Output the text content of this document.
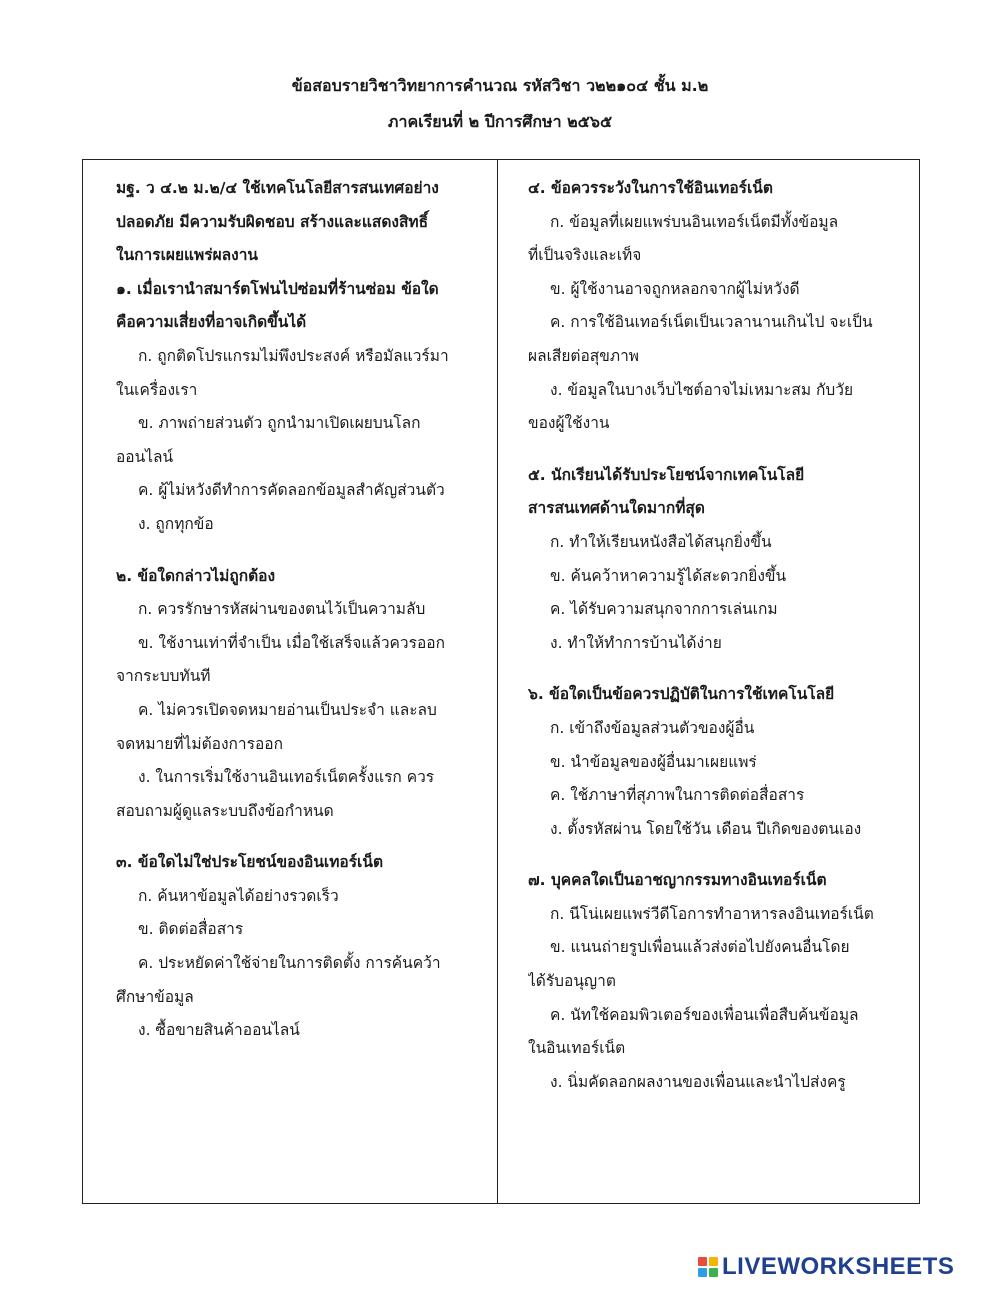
ข้อสอบรายวิชาวิทยาการคำนวณ รหัสวิชา ว๒๒๑๐๔ ชั้น ม.๒
ภาคเรียนที่ ๒ ปีการศึกษา ๒๕๖๕
มฐ. ว ๔.๒ ม.๒/๔ ใช้เทคโนโลยีสารสนเทศอย่าง
ปลอดภัย มีความรับผิดชอบ สร้างและแสดงสิทธิ์
ในการเผยแพร่ผลงาน
๑. เมื่อเรานำสมาร์ตโฟนไปซ่อมที่ร้านซ่อม ข้อใด
คือความเสี่ยงที่อาจเกิดขึ้นได้
ก. ถูกติดโปรแกรมไม่พึงประสงค์ หรือมัลแวร์มา
ในเครื่องเรา
ข. ภาพถ่ายส่วนตัว ถูกนำมาเปิดเผยบนโลก
ออนไลน์
ค. ผู้ไม่หวังดีทำการคัดลอกข้อมูลสำคัญส่วนตัว
ง. ถูกทุกข้อ
๒. ข้อใดกล่าวไม่ถูกต้อง
ก. ควรรักษารหัสผ่านของตนไว้เป็นความลับ
ข. ใช้งานเท่าที่จำเป็น เมื่อใช้เสร็จแล้วควรออก
จากระบบทันที
ค. ไม่ควรเปิดจดหมายอ่านเป็นประจำ และลบ
จดหมายที่ไม่ต้องการออก
ง. ในการเริ่มใช้งานอินเทอร์เน็ตครั้งแรก ควร
สอบถามผู้ดูแลระบบถึงข้อกำหนด
๓. ข้อใดไม่ใช่ประโยชน์ของอินเทอร์เน็ต
ก. ค้นหาข้อมูลได้อย่างรวดเร็ว
ข. ติดต่อสื่อสาร
ค. ประหยัดค่าใช้จ่ายในการติดตั้ง การค้นคว้า
ศึกษาข้อมูล
ง. ซื้อขายสินค้าออนไลน์
๔. ข้อควรระวังในการใช้อินเทอร์เน็ต
ก. ข้อมูลที่เผยแพร่บนอินเทอร์เน็ตมีทั้งข้อมูล
ที่เป็นจริงและเท็จ
ข. ผู้ใช้งานอาจถูกหลอกจากผู้ไม่หวังดี
ค. การใช้อินเทอร์เน็ตเป็นเวลานานเกินไป จะเป็น
ผลเสียต่อสุขภาพ
ง. ข้อมูลในบางเว็บไซต์อาจไม่เหมาะสม กับวัย
ของผู้ใช้งาน
๕. นักเรียนได้รับประโยชน์จากเทคโนโลยี
สารสนเทศด้านใดมากที่สุด
ก. ทำให้เรียนหนังสือได้สนุกยิ่งขึ้น
ข. ค้นคว้าหาความรู้ได้สะดวกยิ่งขึ้น
ค. ได้รับความสนุกจากการเล่นเกม
ง. ทำให้ทำการบ้านได้ง่าย
๖. ข้อใดเป็นข้อควรปฏิบัติในการใช้เทคโนโลยี
ก. เข้าถึงข้อมูลส่วนตัวของผู้อื่น
ข. นำข้อมูลของผู้อื่นมาเผยแพร่
ค. ใช้ภาษาที่สุภาพในการติดต่อสื่อสาร
ง. ตั้งรหัสผ่าน โดยใช้วัน เดือน ปีเกิดของตนเอง
๗. บุคคลใดเป็นอาชญากรรมทางอินเทอร์เน็ต
ก. นีโน่เผยแพร่วีดีโอการทำอาหารลงอินเทอร์เน็ต
ข. แนนถ่ายรูปเพื่อนแล้วส่งต่อไปยังคนอื่นโดย
ได้รับอนุญาต
ค. นัทใช้คอมพิวเตอร์ของเพื่อนเพื่อสืบค้นข้อมูล
ในอินเทอร์เน็ต
ง. นิ่มคัดลอกผลงานของเพื่อนและนำไปส่งครู
LIVEWORKSHEETS
